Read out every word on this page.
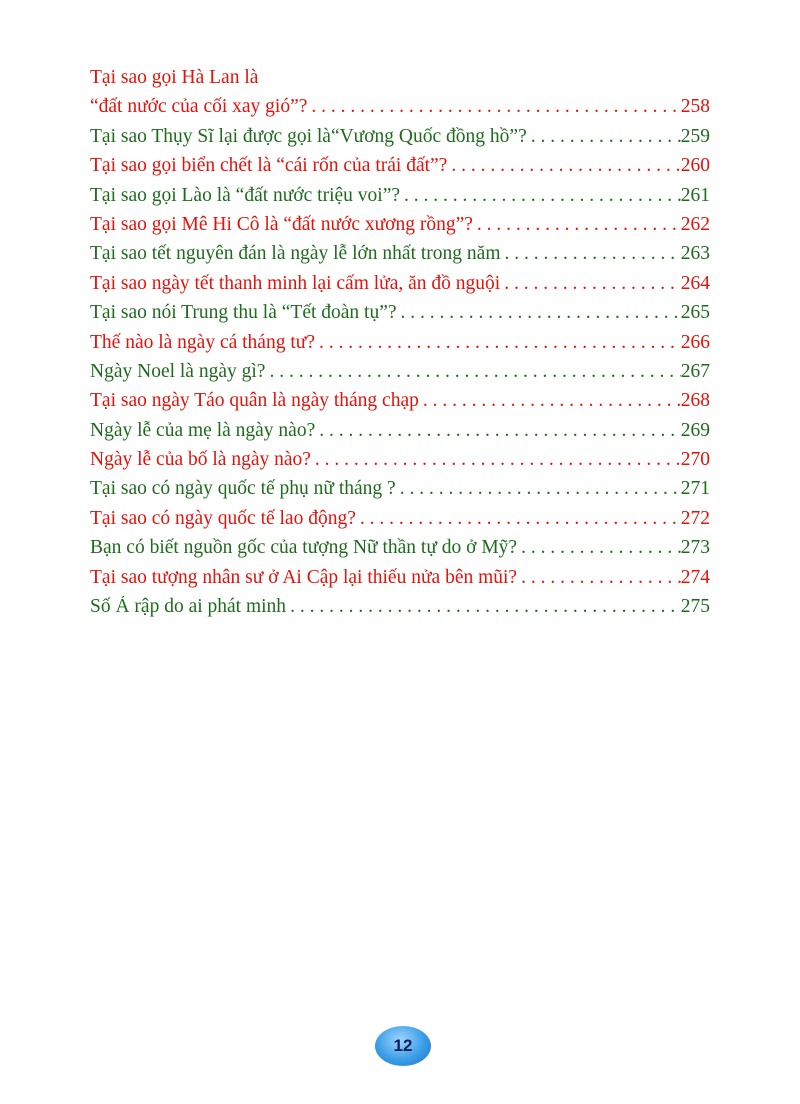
Tại sao gọi Hà Lan là
“đất nước của cối xay gió”? . . .	258
Tại sao Thụy Sĩ lại được gọi là“Vương Quốc đồng hồ”? . . .	259
Tại sao gọi biển chết là “cái rốn của trái đất”? . . .	260
Tại sao gọi Lào là “đất nước triệu voi”? . . .	261
Tại sao gọi Mê Hi Cô là “đất nước xương rồng”? . . .	262
Tại sao tết nguyên đán là ngày lễ lớn nhất trong năm . . .	263
Tại sao ngày tết thanh minh lại cấm lửa, ăn đồ nguội . . .	264
Tại sao nói Trung thu là “Tết đoàn tụ”? . . .	265
Thế nào là ngày cá tháng tư? . . .	266
Ngày Noel là ngày gì? . . .	267
Tại sao ngày Táo quân là ngày tháng chạp . . .	268
Ngày lễ của mẹ là ngày nào? . . .	269
Ngày lễ của bố là ngày nào? . . .	270
Tại sao có ngày quốc tế phụ nữ tháng ? . . .	271
Tại sao có ngày quốc tế lao động? . . .	272
Bạn có biết nguồn gốc của tượng Nữ thần tự do ở Mỹ? . . .	273
Tại sao tượng nhân sư ở Ai Cập lại thiếu nửa bên mũi? . . .	274
Số Ả rập do ai phát minh . . .	275
12
